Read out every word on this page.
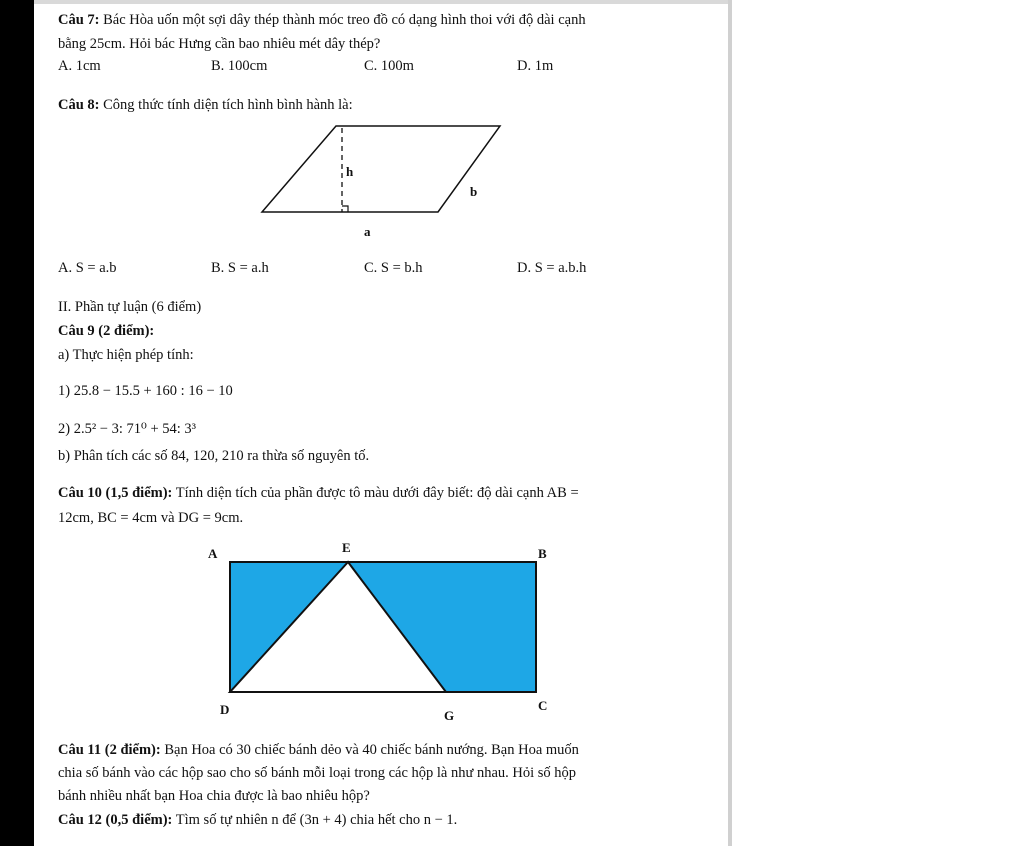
Câu 7: Bác Hòa uốn một sợi dây thép thành móc treo đồ có dạng hình thoi với độ dài cạnh
bằng 25cm. Hỏi bác Hưng cần bao nhiêu mét dây thép?
A. 1cm	B. 100cm	C. 100m	D. 1m
Câu 8: Công thức tính diện tích hình bình hành là:
h
b
a
A. S = a.b	B. S = a.h	C. S = b.h	D. S = a.b.h
II. Phần tự luận (6 điểm)
Câu 9 (2 điểm):
a) Thực hiện phép tính:
1) 25.8 − 15.5 + 160 : 16 − 10
2) 2.5² − 3: 71⁰ + 54: 3³
b) Phân tích các số 84, 120, 210 ra thừa số nguyên tố.
Câu 10 (1,5 điểm): Tính diện tích của phần được tô màu dưới đây biết: độ dài cạnh AB =
12cm, BC = 4cm và DG = 9cm.
A	E	B
D	G
C
Câu 11 (2 điểm): Bạn Hoa có 30 chiếc bánh dẻo và 40 chiếc bánh nướng. Bạn Hoa muốn
chia số bánh vào các hộp sao cho số bánh mỗi loại trong các hộp là như nhau. Hỏi số hộp
bánh nhiều nhất bạn Hoa chia được là bao nhiêu hộp?
Câu 12 (0,5 điểm): Tìm số tự nhiên n để (3n + 4) chia hết cho n − 1.
